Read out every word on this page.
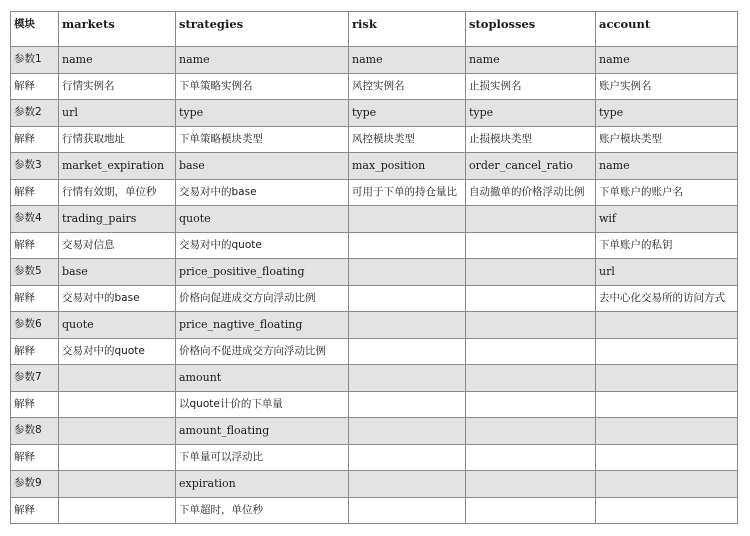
模块	markets	strategies	risk	stoplosses	account
参数1	name	name	name	name	name
解释	行情实例名	下单策略实例名	风控实例名	止损实例名	账户实例名
参数2	url	type	type	type	type
解释	行情获取地址	下单策略模块类型	风控模块类型	止损模块类型	账户模块类型
参数3	market_expiration	base	max_position	order_cancel_ratio	name
解释	行情有效期，单位秒	交易对中的base	可用于下单的持仓量比	自动撤单的价格浮动比例	下单账户的账户名
参数4	trading_pairs	quote			wif
解释	交易对信息	交易对中的quote			下单账户的私钥
参数5	base	price_positive_floating			url
解释	交易对中的base	价格向促进成交方向浮动比例			去中心化交易所的访问方式
参数6	quote	price_nagtive_floating			
解释	交易对中的quote	价格向不促进成交方向浮动比例			
参数7		amount			
解释		以quote计价的下单量			
参数8		amount_floating			
解释		下单量可以浮动比			
参数9		expiration			
解释		下单超时，单位秒			
